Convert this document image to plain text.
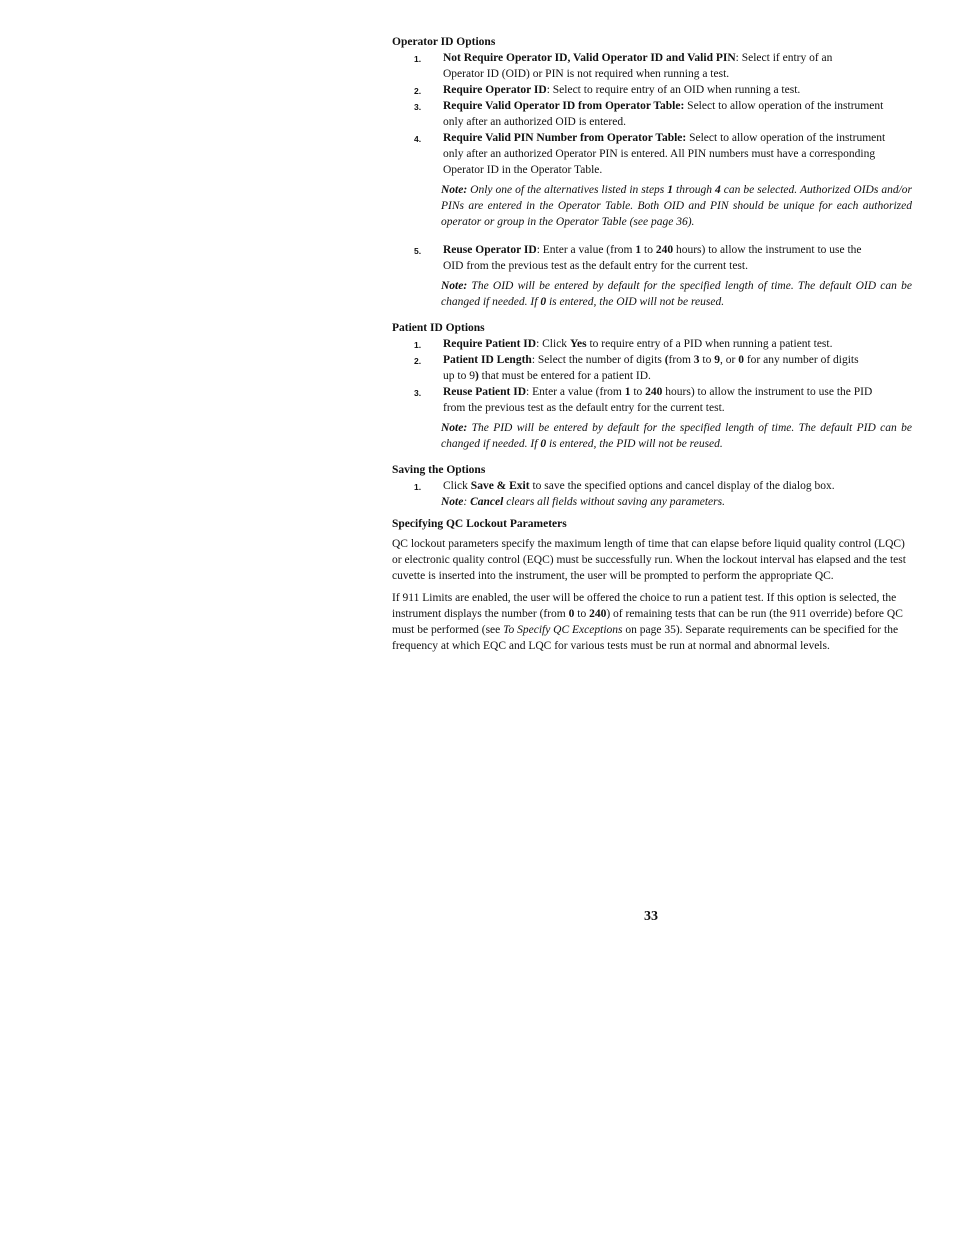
Operator ID Options

1. Not Require Operator ID, Valid Operator ID and Valid PIN: Select if entry of an
Operator ID (OID) or PIN is not required when running a test.
2. Require Operator ID: Select to require entry of an OID when running a test.
3. Require Valid Operator ID from Operator Table: Select to allow operation of the instrument
only after an authorized OID is entered.
4. Require Valid PIN Number from Operator Table: Select to allow operation of the instrument
only after an authorized Operator PIN is entered. All PIN numbers must have a corresponding
Operator ID in the Operator Table.

Note: Only one of the alternatives listed in steps 1 through 4 can be selected. Authorized OIDs and/or PINs are entered in the Operator Table. Both OID and PIN should be unique for each authorized operator or group in the Operator Table (see page 36).

5. Reuse Operator ID: Enter a value (from 1 to 240 hours) to allow the instrument to use the
OID from the previous test as the default entry for the current test.

Note: The OID will be entered by default for the specified length of time. The default OID can be changed if needed. If 0 is entered, the OID will not be reused.

Patient ID Options

1. Require Patient ID: Click Yes to require entry of a PID when running a patient test.
2. Patient ID Length: Select the number of digits (from 3 to 9, or 0 for any number of digits
up to 9) that must be entered for a patient ID.
3. Reuse Patient ID: Enter a value (from 1 to 240 hours) to allow the instrument to use the PID
from the previous test as the default entry for the current test.

Note: The PID will be entered by default for the specified length of time. The default PID can be changed if needed. If 0 is entered, the PID will not be reused.

Saving the Options

1. Click Save & Exit to save the specified options and cancel display of the dialog box.

Note: Cancel clears all fields without saving any parameters.

Specifying QC Lockout Parameters

QC lockout parameters specify the maximum length of time that can elapse before liquid quality control (LQC) or electronic quality control (EQC) must be successfully run. When the lockout interval has elapsed and the test cuvette is inserted into the instrument, the user will be prompted to perform the appropriate QC.

If 911 Limits are enabled, the user will be offered the choice to run a patient test. If this option is selected, the instrument displays the number (from 0 to 240) of remaining tests that can be run (the 911 override) before QC must be performed (see To Specify QC Exceptions on page 35). Separate requirements can be specified for the frequency at which EQC and LQC for various tests must be run at normal and abnormal levels.

33
